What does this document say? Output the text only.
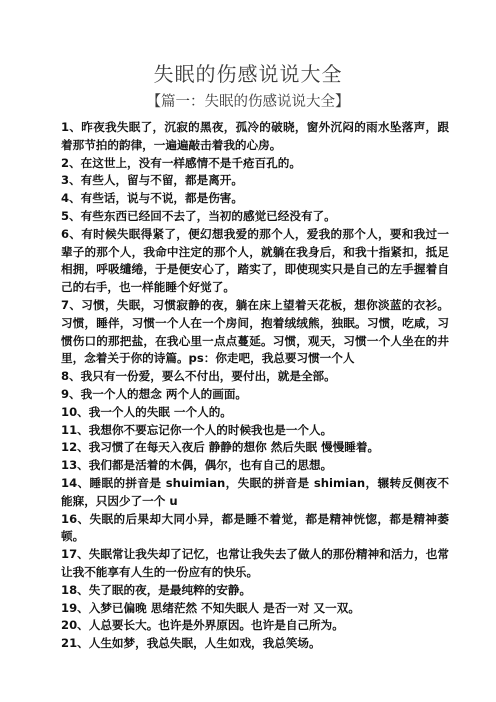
失眠的伤感说说大全
【篇一：失眠的伤感说说大全】

1、昨夜我失眠了，沉寂的黑夜，孤冷的破晓，窗外沉闷的雨水坠落声，跟着那节拍的韵律，一遍遍敲击着我的心房。

2、在这世上，没有一样感情不是千疮百孔的。

3、有些人，留与不留，都是离开。

4、有些话，说与不说，都是伤害。

5、有些东西已经回不去了，当初的感觉已经没有了。

6、有时候失眠得紧了，便幻想我爱的那个人，爱我的那个人，要和我过一辈子的那个人，我命中注定的那个人，就躺在我身后，和我十指紧扣，抵足相拥，呼吸缱绻，于是便安心了，踏实了，即使现实只是自己的左手握着自己的右手，也一样能睡个好觉了。

7、习惯，失眠，习惯寂静的夜，躺在床上望着天花板，想你淡蓝的衣衫。习惯，睡伴，习惯一个人在一个房间，抱着绒绒熊，独眠。习惯，吃咸，习惯伤口的那把盐，在我心里一点点蔓延。习惯，观天，习惯一个人坐在的井里，念着关于你的诗篇。ps：你走吧，我总要习惯一个人

8、我只有一份爱，要么不付出，要付出，就是全部。

9、我一个人的想念 两个人的画面。

10、我一个人的失眠 一个人的。

11、我想你不要忘记你一个人的时候我也是一个人。

12、我习惯了在每天入夜后 静静的想你 然后失眠 慢慢睡着。

13、我们都是活着的木偶，偶尔，也有自己的思想。

14、睡眠的拼音是 shuimian，失眠的拼音是 shimian，辗转反侧夜不能寐，只因少了一个 u

16、失眠的后果却大同小异，都是睡不着觉，都是精神恍惚，都是精神萎顿。

17、失眠常让我失却了记忆，也常让我失去了做人的那份精神和活力，也常让我不能享有人生的一份应有的快乐。

18、失了眠的夜，是最纯粹的安静。

19、入梦已偏晚 思绪茫然 不知失眠人 是否一对 又一双。

20、人总要长大。也许是外界原因。也许是自己所为。

21、人生如梦，我总失眠，人生如戏，我总笑场。
